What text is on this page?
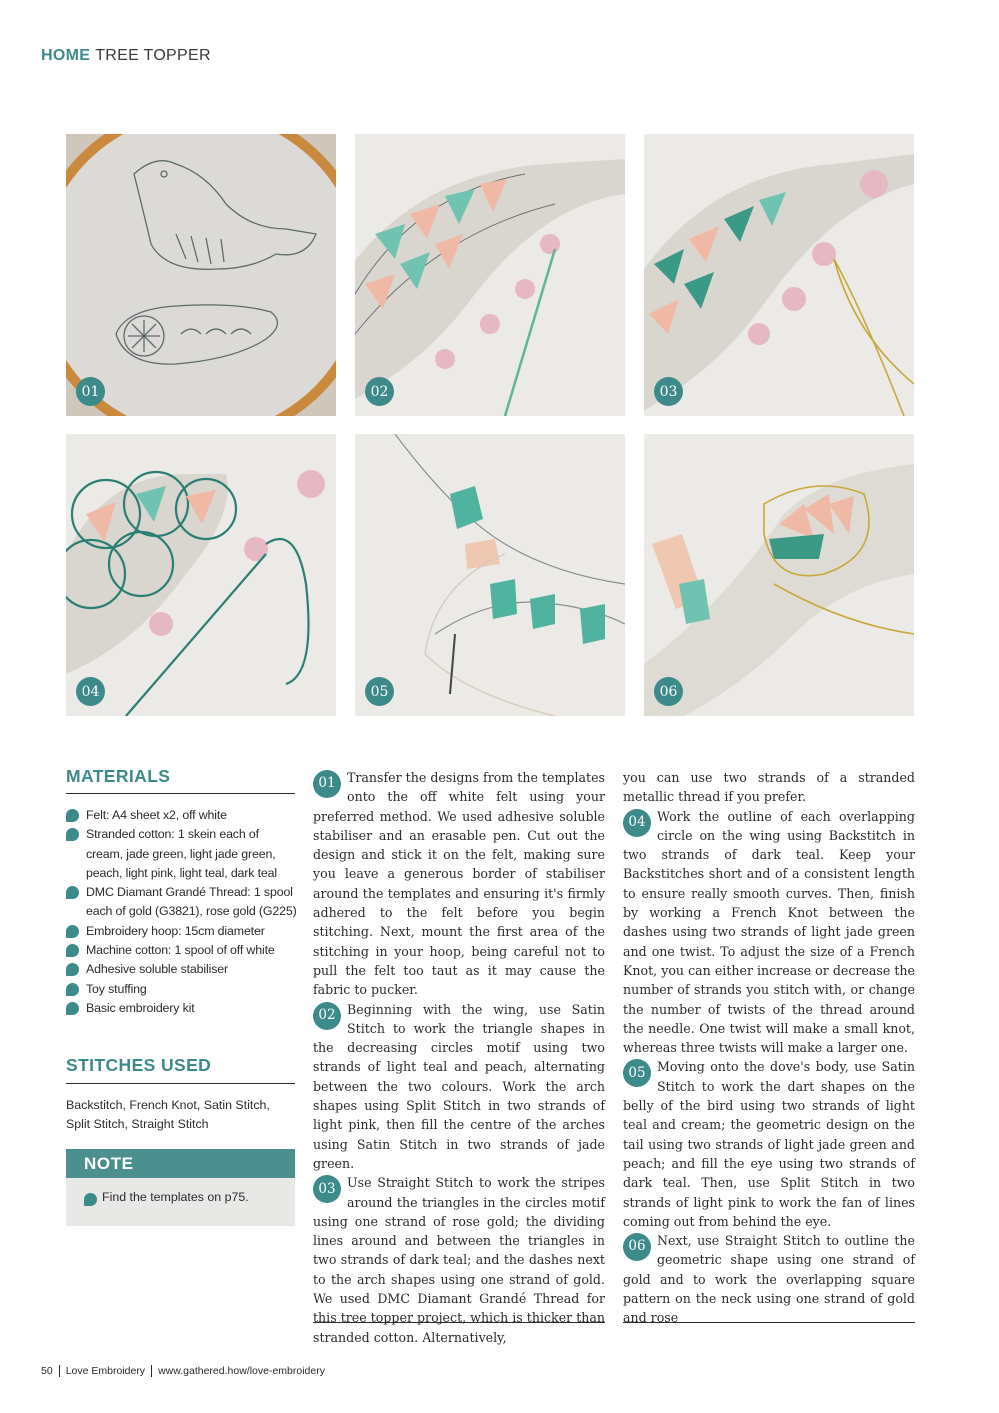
HOME TREE TOPPER
01	02	03
04	05	06
MATERIALS
Felt: A4 sheet x2, off white
Stranded cotton: 1 skein each of cream, jade green, light jade green, peach, light pink, light teal, dark teal
DMC Diamant Grandé Thread: 1 spool each of gold (G3821), rose gold (G225)
Embroidery hoop: 15cm diameter
Machine cotton: 1 spool of off white
Adhesive soluble stabiliser
Toy stuffing
Basic embroidery kit
STITCHES USED
Backstitch, French Knot, Satin Stitch, Split Stitch, Straight Stitch
NOTE
Find the templates on p75.

01 Transfer the designs from the templates onto the off white felt using your preferred method. We used adhesive soluble stabiliser and an erasable pen. Cut out the design and stick it on the felt, making sure you leave a generous border of stabiliser around the templates and ensuring it's firmly adhered to the felt before you begin stitching. Next, mount the first area of the stitching in your hoop, being careful not to pull the felt too taut as it may cause the fabric to pucker.

02 Beginning with the wing, use Satin Stitch to work the triangle shapes in the decreasing circles motif using two strands of light teal and peach, alternating between the two colours. Work the arch shapes using Split Stitch in two strands of light pink, then fill the centre of the arches using Satin Stitch in two strands of jade green.

03 Use Straight Stitch to work the stripes around the triangles in the circles motif using one strand of rose gold; the dividing lines around and between the triangles in two strands of dark teal; and the dashes next to the arch shapes using one strand of gold. We used DMC Diamant Grandé Thread for this tree topper project, which is thicker than stranded cotton. Alternatively,

you can use two strands of a stranded metallic thread if you prefer.

04 Work the outline of each overlapping circle on the wing using Backstitch in two strands of dark teal. Keep your Backstitches short and of a consistent length to ensure really smooth curves. Then, finish by working a French Knot between the dashes using two strands of light jade green and one twist. To adjust the size of a French Knot, you can either increase or decrease the number of strands you stitch with, or change the number of twists of the thread around the needle. One twist will make a small knot, whereas three twists will make a larger one.

05 Moving onto the dove's body, use Satin Stitch to work the dart shapes on the belly of the bird using two strands of light teal and cream; the geometric design on the tail using two strands of light jade green and peach; and fill the eye using two strands of dark teal. Then, use Split Stitch in two strands of light pink to work the fan of lines coming out from behind the eye.

06 Next, use Straight Stitch to outline the geometric shape using one strand of gold and to work the overlapping square pattern on the neck using one strand of gold and rose

50 Love Embroidery www.gathered.how/love-embroidery
